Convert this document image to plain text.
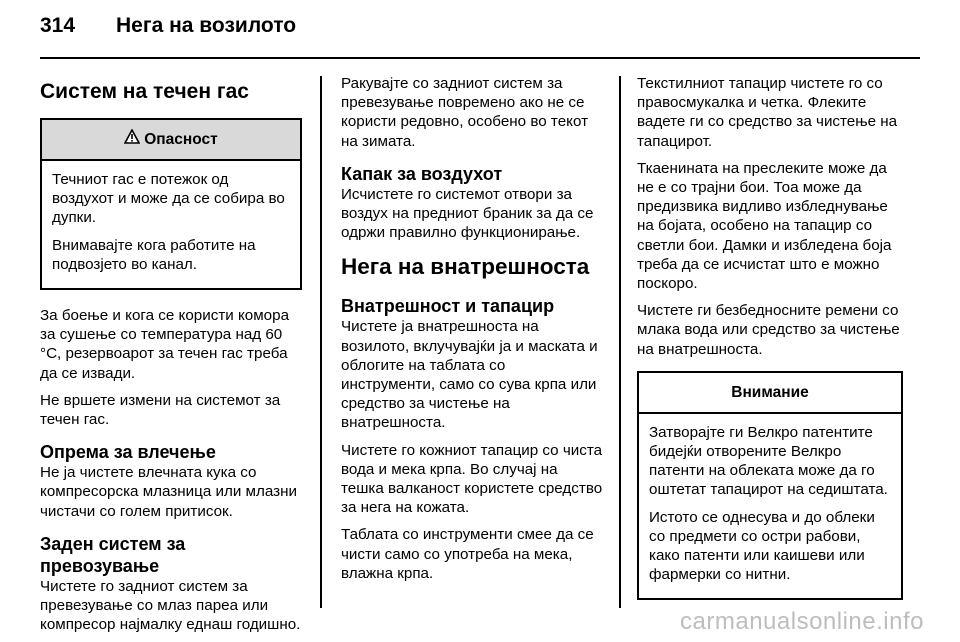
314	Нега на возилото
Систем на течен гас
Опасност

Течниот гас е потежок од воздухот и може да се собира во дупки.

Внимавајте кога работите на подвозјето во канал.

За боење и кога се користи комора за сушење со температура над 60 °C, резервоарот за течен гас треба да се извади.

Не вршете измени на системот за течен гас.

Опрема за влечење

Не ја чистете влечната кука со компресорска млазница или млазни чистачи со голем притисок.

Заден систем за превозување

Чистете го задниот систем за превезување со млаз пареа или компресор најмалку еднаш годишно.

Ракувајте со задниот систем за превезување повремено ако не се користи редовно, особено во текот на зимата.

Капак за воздухот

Исчистете го системот отвори за воздух на предниот браник за да се одржи правилно функционирање.

Нега на внатрешноста
Внатрешност и тапацир

Чистете ја внатрешноста на возилото, вклучувајќи ја и маската и облогите на таблата со инструменти, само со сува крпа или средство за чистење на внатрешноста.

Чистете го кожниот тапацир со чиста вода и мека крпа. Во случај на тешка валканост користете средство за нега на кожата.

Таблата со инструменти смее да се чисти само со употреба на мека, влажна крпа.

Текстилниот тапацир чистете го со правосмукалка и четка. Флеките вадете ги со средство за чистење на тапацирот.

Ткаенината на преслеките може да не е со трајни бои. Тоа може да предизвика видливо избледнување на бојата, особено на тапацир со светли бои. Дамки и избледена боја треба да се исчистат што е можно поскоро.

Чистете ги безбедносните ремени со млака вода или средство за чистење на внатрешноста.

Внимание

Затворајте ги Велкро патентите бидејќи отворените Велкро патенти на облеката може да го оштетат тапацирот на седиштата.

Истото се однесува и до облеки со предмети со остри рабови, како патенти или каишеви или фармерки со нитни.

carmanualsonline.info
